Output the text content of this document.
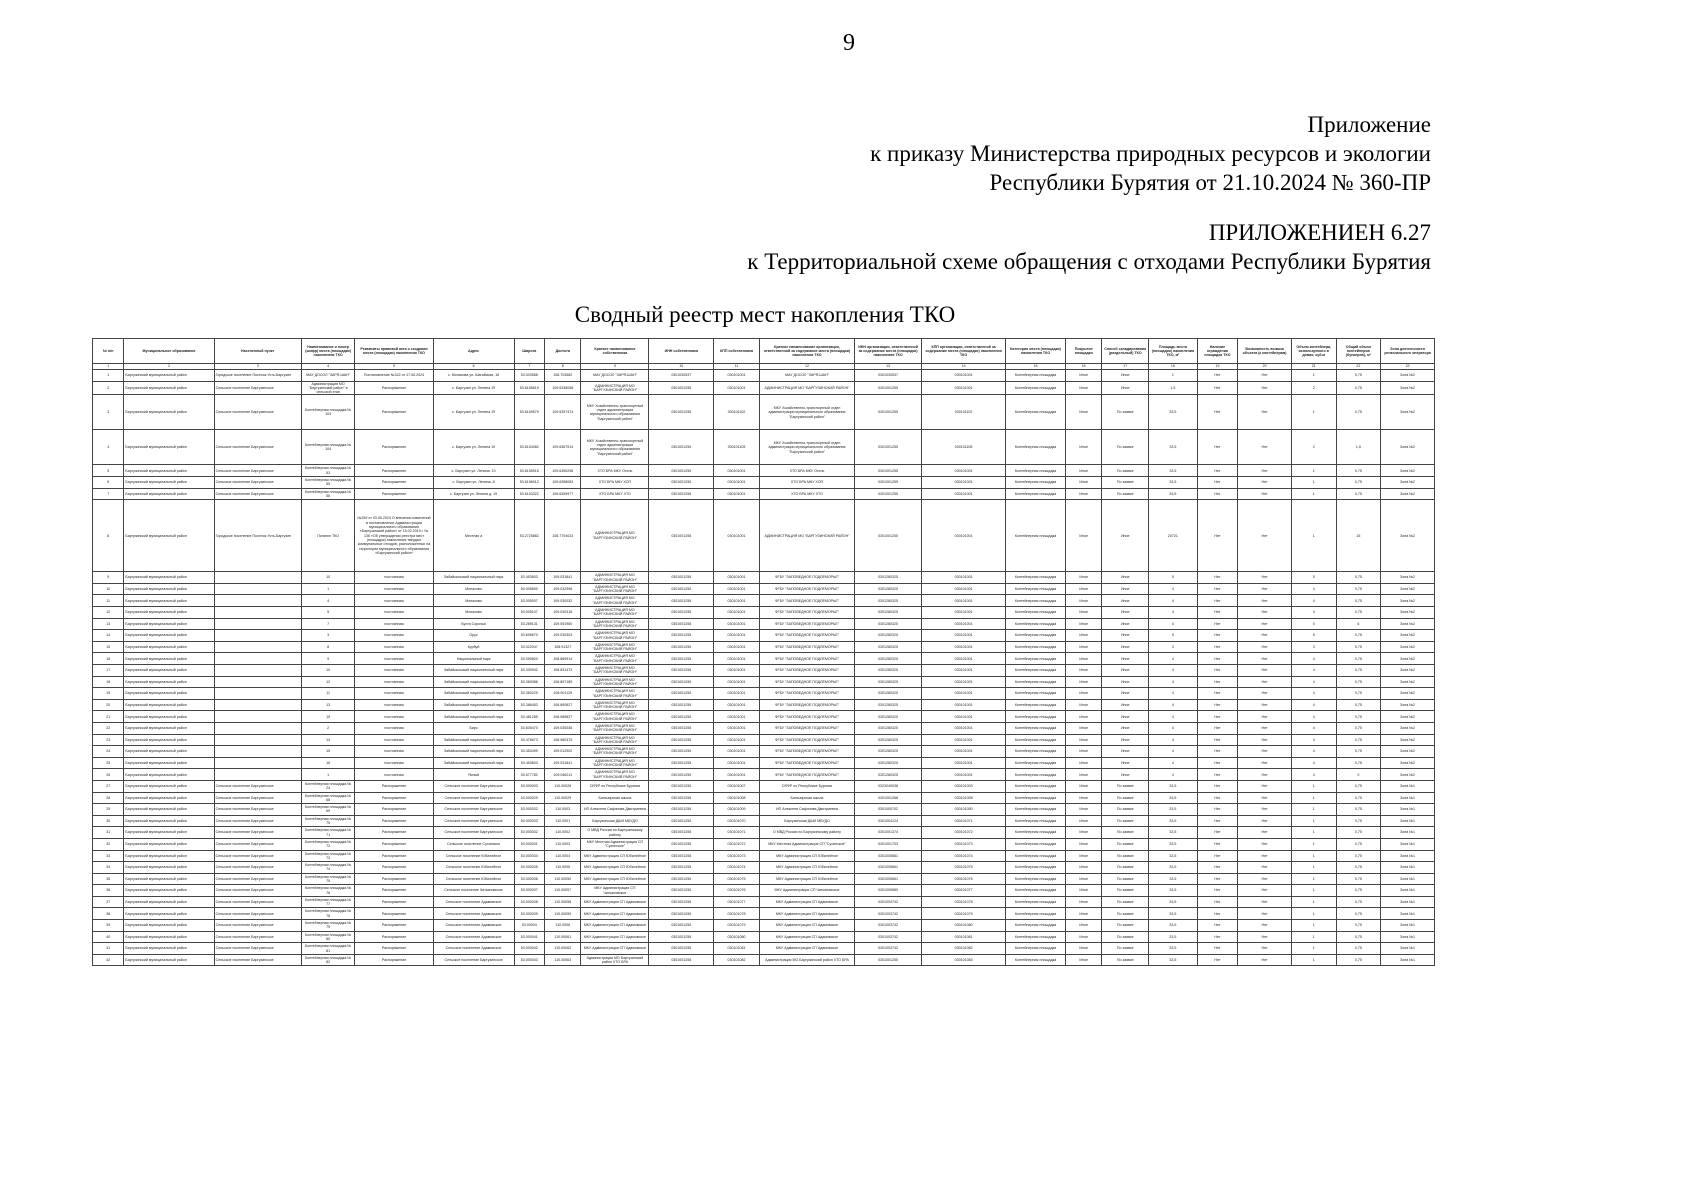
9
Приложение
к приказу Министерства природных ресурсов и экологии
Республики Бурятия от 21.10.2024 № 360-ПР
ПРИЛОЖЕНИЕН 6.27
к Территориальной схеме обращения с отходами Республики Бурятия
Сводный реестр мест накопления ТКО
№ п/п	Муниципальное образование	Населенный пункт	Наименование и номер (шифр) места (площадки) накопления ТКО	Реквизиты правовой акта о создании места (площадки) накопления ТКО	Адрес	Широта	Долгота	Краткое наименование собственника	ИНН собственника	КПП собственника	Краткое наименование организации, ответственной за содержание места (площадки) накопления ТКО	ИНН организации, ответственной за содержание места (площадки) накопления ТКО	КПП организации, ответственной за содержание места (площадки) накопления ТКО	Категория места (площадки) накопления ТКО	Покрытие площадки	Способ складирования (раздельный) ТКО	Площадь места (площадки) накопления ТКО, м²	Наличие ограждения площадки ТКО	Возможность вывоза объекта (к контейнерам)	Объем контейнера, используемого в домах, куб.м	Общий объем контейнеров (бункеров), м³	Зона деятельности регионального оператора
1	2	3	4	5	6	7	8	9	10	11	12	13	14	15	16	17	18	19	20	21	22	23
1	Баргузинский муниципальный район	Городское поселение Поселок Усть-Баргузин	МАУ ДОСОЛ "ЗАРЯ-ШАН"	Постановление №322 от 17.06.2024	с. Монахова ул. Шагайская, 16	53.003568	108.703562	МАУ ДОСОЛ "ЗАРЯ-ШАН"	0301030537	030101001	МАУ ДОСОЛ "ЗАРЯ-ШАН"	0301030537	030101001	Контейнерная площадка	Иное	Иное	1	Нет	Нет	1	0,75	Зона №2
2	Баргузинский муниципальный район	Сельское поселение Баргузинское	Администрация МО "Баргузинский район" в сельской этап	Распоряжение	с. Баргузин ул. Ленина 19	53.6155619	109.6338058	АДМИНИСТРАЦИЯ МО "БАРГУЗИНСКИЙ РАЙОН"	0301001255	030101001	АДМИНИСТРАЦИЯ МО "БАРГУЗИНСКИЙ РАЙОН"	0301001255	030101001	Контейнерная площадка	Иное	Иное	1,5	Нет	Нет	2	0,75	Зона №2
3	Баргузинский муниципальный район	Сельское поселение Баргузинское	Контейнерная площадка № 103	Распоряжение	с. Баргузин ул. Ленина 19	53.6159579	109.6397474	МКУ Хозяйственно-транспортный отдел администрации муниципального образования "Баргузинский район"	0301001255	030101102	МКУ Хозяйственно-транспортный отдел администрации муниципального образования "Баргузинский район"	0301001255	030101102	Контейнерная площадка	Иное	По заявке	33,5	Нет	Нет	1	0,75	Зона №2
4	Баргузинский муниципальный район	Сельское поселение Баргузинское	Контейнерная площадка № 104	Распоряжение	с. Баргузин ул. Ленина 19	53.6154082	109.6367514	МКУ Хозяйственно-транспортный отдел администрации муниципального образования "Баргузинский район"	0301001255	030101105	МКУ Хозяйственно-транспортный отдел администрации муниципального образования "Баргузинский район"	0301001255	030101105	Контейнерная площадка	Иное	По заявке	33,5	Нет	Нет	2	1,5	Зона №2
5	Баргузинский муниципальный район	Сельское поселение Баргузинское	Контейнерная площадка № 53	Распоряжение	с. Баргузин ул. Ленина, 10	53.6155916	109.6350298	ХТО БРА МКУ Отель	0301001255	030101001	ХТО БРА МКУ Отель	0301001255	030101001	Контейнерная площадка	Иное	По заявке	33,5	Нет	Нет	1	0,75	Зона №2
6	Баргузинский муниципальный район	Сельское поселение Баргузинское	Контейнерная площадка № 55	Распоряжение	с. Баргузин ул. Ленина, 8	53.6156012	109.6358083	ХТО БРА МКУ ХОП	0301001255	030101001	ХТО БРА МКУ ХОП	0301001255	030101001	Контейнерная площадка	Иное	По заявке	33,5	Нет	Нет	1	0,75	Зона №2
7	Баргузинский муниципальный район	Сельское поселение Баргузинское	Контейнерная площадка № 56	Распоряжение	с. Баргузин ул. Ленина д. 19	53.6153322	109.6359977	ХТО БРА МКУ ХТО	0301001255	030101001	ХТО БРА МКУ ХТО	0301001255	030101001	Контейнерная площадка	Иное	По заявке	33,5	Нет	Нет	1	0,75	Зона №2
8	Баргузинский муниципальный район	Городское поселение Поселок Усть-Баргузин	Полигон ТКО	№259 от 03.05.2024 О внесении изменений в постановление Администрации муниципального образования «Баргузинский район» от 15.02.2019 г. № 136 «Об утверждении реестра мест (площадок) накопления твердых коммунальных отходов, расположенных на территории муниципального образования «Баргузинский район»	Местная а	53.2725882	108.7704023	АДМИНИСТРАЦИЯ МО "БАРГУЗИНСКИЙ РАЙОН"	0301001255	030101001	АДМИНИСТРАЦИЯ МО "БАРГУЗИНСКИЙ РАЙОН"	0301001255	030101001	Контейнерная площадка	Иное	Иное	20721	Нет	Нет	1	15	Зона №2
9	Баргузинский муниципальный район		10	постоянная	Забайкальский национальный парк	53.453603	109.031841	АДМИНИСТРАЦИЯ МО "БАРГУЗИНСКИЙ РАЙОН"	0301001255	030101001	ФГБУ "ЗАПОВЕДНОЕ ПОДЛЕМОРЬЕ"	0301280325	030101001	Контейнерная площадка	Иное	Иное	5	Нет	Нет	5	0,75	Зона №2
10	Баргузинский муниципальный район		1	постоянная	Монахово	53.005600	109.032996	АДМИНИСТРАЦИЯ МО "БАРГУЗИНСКИЙ РАЙОН"	0301001255	030101001	ФГБУ "ЗАПОВЕДНОЕ ПОДЛЕМОРЬЕ"	0301280325	030101001	Контейнерная площадка	Иное	Иное	4	Нет	Нет	4	0,75	Зона №2
11	Баргузинский муниципальный район		4	постоянная	Монахово	53.005007	109.030032	АДМИНИСТРАЦИЯ МО "БАРГУЗИНСКИЙ РАЙОН"	0301001255	030101001	ФГБУ "ЗАПОВЕДНОЕ ПОДЛЕМОРЬЕ"	0301280325	030101001	Контейнерная площадка	Иное	Иное	4	Нет	Нет	4	0,75	Зона №2
12	Баргузинский муниципальный район		5	постоянная	Монахово	53.005107	109.030316	АДМИНИСТРАЦИЯ МО "БАРГУЗИНСКИЙ РАЙОН"	0301001255	030101001	ФГБУ "ЗАПОВЕДНОЕ ПОДЛЕМОРЬЕ"	0301280325	030101001	Контейнерная площадка	Иное	Иное	4	Нет	Нет	4	0,75	Зона №2
13	Баргузинский муниципальный район		7	постоянная	Бухта Сорочья	53.289131	109.051960	АДМИНИСТРАЦИЯ МО "БАРГУЗИНСКИЙ РАЙОН"	0301001255	030101001	ФГБУ "ЗАПОВЕДНОЕ ПОДЛЕМОРЬЕ"	0301280325	030101001	Контейнерная площадка	Иное	Иное	4	Нет	Нет	0	6	Зона №2
14	Баргузинский муниципальный район		3	постоянная	Орус	53.606670	109.030303	АДМИНИСТРАЦИЯ МО "БАРГУЗИНСКИЙ РАЙОН"	0301001255	030101001	ФГБУ "ЗАПОВЕДНОЕ ПОДЛЕМОРЬЕ"	0301280325	030101001	Контейнерная площадка	Иное	Иное	5	Нет	Нет	5	0,75	Зона №2
15	Баргузинский муниципальный район		8	постоянная	Курбуй	53.022047	108.91327	АДМИНИСТРАЦИЯ МО "БАРГУЗИНСКИЙ РАЙОН"	0301001255	030101001	ФГБУ "ЗАПОВЕДНОЕ ПОДЛЕМОРЬЕ"	0301280325	030101001	Контейнерная площадка	Иное	Иное	3	Нет	Нет	3	0,75	Зона №2
16	Баргузинский муниципальный район		9	постоянная	Национальный парк	53.090820	108.869914	АДМИНИСТРАЦИЯ МО "БАРГУЗИНСКИЙ РАЙОН"	0301001255	030101001	ФГБУ "ЗАПОВЕДНОЕ ПОДЛЕМОРЬЕ"	0301280325	030101001	Контейнерная площадка	Иное	Иное	4	Нет	Нет	4	0,75	Зона №2
17	Баргузинский муниципальный район		10	постоянная	Забайкальский национальный парк	53.330942	108.831473	АДМИНИСТРАЦИЯ МО "БАРГУЗИНСКИЙ РАЙОН"	0301001255	030101001	ФГБУ "ЗАПОВЕДНОЕ ПОДЛЕМОРЬЕ"	0301280325	030101001	Контейнерная площадка	Иное	Иное	4	Нет	Нет	4	0,75	Зона №2
18	Баргузинский муниципальный район		12	постоянная	Забайкальский национальный парк	53.383086	108.897185	АДМИНИСТРАЦИЯ МО "БАРГУЗИНСКИЙ РАЙОН"	0301001255	030101001	ФГБУ "ЗАПОВЕДНОЕ ПОДЛЕМОРЬЕ"	0301280325	030101001	Контейнерная площадка	Иное	Иное	4	Нет	Нет	4	0,75	Зона №2
19	Баргузинский муниципальный район		11	постоянная	Забайкальский национальный парк	53.383229	108.901129	АДМИНИСТРАЦИЯ МО "БАРГУЗИНСКИЙ РАЙОН"	0301001255	030101001	ФГБУ "ЗАПОВЕДНОЕ ПОДЛЕМОРЬЕ"	0301280325	030101001	Контейнерная площадка	Иное	Иное	4	Нет	Нет	4	0,75	Зона №2
20	Баргузинский муниципальный район		13	постоянная	Забайкальский национальный парк	53.386453	108.890827	АДМИНИСТРАЦИЯ МО "БАРГУЗИНСКИЙ РАЙОН"	0301001255	030101001	ФГБУ "ЗАПОВЕДНОЕ ПОДЛЕМОРЬЕ"	0301280325	030101001	Контейнерная площадка	Иное	Иное	4	Нет	Нет	4	0,75	Зона №2
21	Баргузинский муниципальный район		15	постоянная	Забайкальский национальный парк	53.481285	108.985837	АДМИНИСТРАЦИЯ МО "БАРГУЗИНСКИЙ РАЙОН"	0301001255	030101001	ФГБУ "ЗАПОВЕДНОЕ ПОДЛЕМОРЬЕ"	0301280325	030101001	Контейнерная площадка	Иное	Иное	4	Нет	Нет	4	0,75	Зона №2
22	Баргузинский муниципальный район		2	постоянная	Бирс	53.605470	109.030036	АДМИНИСТРАЦИЯ МО "БАРГУЗИНСКИЙ РАЙОН"	0301001255	030101001	ФГБУ "ЗАПОВЕДНОЕ ПОДЛЕМОРЬЕ"	0301280325	030101001	Контейнерная площадка	Иное	Иное	4	Нет	Нет	4	0,75	Зона №2
23	Баргузинский муниципальный район		14	постоянная	Забайкальский национальный парк	53.476673	108.980375	АДМИНИСТРАЦИЯ МО "БАРГУЗИНСКИЙ РАЙОН"	0301001255	030101001	ФГБУ "ЗАПОВЕДНОЕ ПОДЛЕМОРЬЕ"	0301280325	030101001	Контейнерная площадка	Иное	Иное	4	Нет	Нет	4	0,75	Зона №2
24	Баргузинский муниципальный район		15	постоянная	Забайкальский национальный парк	53.453499	109.012902	АДМИНИСТРАЦИЯ МО "БАРГУЗИНСКИЙ РАЙОН"	0301001255	030101001	ФГБУ "ЗАПОВЕДНОЕ ПОДЛЕМОРЬЕ"	0301280325	030101001	Контейнерная площадка	Иное	Иное	4	Нет	Нет	4	0,75	Зона №2
25	Баргузинский муниципальный район		16	постоянная	Забайкальский национальный парк	53.453603	109.031841	АДМИНИСТРАЦИЯ МО "БАРГУЗИНСКИЙ РАЙОН"	0301001255	030101001	ФГБУ "ЗАПОВЕДНОЕ ПОДЛЕМОРЬЕ"	0301280325	030101001	Контейнерная площадка	Иное	Иное	4	Нет	Нет	4	0,75	Зона №2
26	Баргузинский муниципальный район		1	постоянная	Ясный	53.577782	109.046211	АДМИНИСТРАЦИЯ МО "БАРГУЗИНСКИЙ РАЙОН"	0301001255	030101001	ФГБУ "ЗАПОВЕДНОЕ ПОДЛЕМОРЬЕ"	0301280325	030101001	Контейнерная площадка	Иное	Иное	4	Нет	Нет	4	0	Зона №2
27	Баргузинский муниципальный район	Сельское поселение Баргузинское	Контейнерная площадка № 24	Распоряжение	Сельское поселение Баргузинское	53.000003	110.00028	ОПФР по Республике Бурятия	0301001255	030101007	ОПФР по Республике Бурятия	0323049038	030101003	Контейнерная площадка	Иное	По заявке	33,5	Нет	Нет	1	0,75	Зона №1
28	Баргузинский муниципальный район	Сельское поселение Баргузинское	Контейнерная площадка № 68	Распоряжение	Сельское поселение Баргузинское	53.000029	110.00029	Бильчирская школа	0301001255	030101008	Бильчирская школа	0301001268	030101008	Контейнерная площадка	Иное	По заявке	33,5	Нет	Нет	1	0,75	Зона №1
29	Баргузинский муниципальный район	Сельское поселение Баргузинское	Контейнерная площадка № 69	Распоряжение	Сельское поселение Баргузинское	53.000032	110.0003	ИП Алексеев Сафонова Дмитриевна	0301001255	030101009	ИП Алексеев Сафонова Дмитриевна	0301000702	030101050	Контейнерная площадка	Иное	По заявке	33,5	Нет	Нет	1	0,75	Зона №1
30	Баргузинский муниципальный район	Сельское поселение Баргузинское	Контейнерная площадка № 70	Распоряжение	Сельское поселение Баргузинское	53.000033	110.0001	Баргузинская ДШИ МБУДО	0301001255	030101070	Баргузинская ДШИ МБУДО	0301004124	030101071	Контейнерная площадка	Иное	По заявке	33,5	Нет	Нет	1	0,75	Зона №1
31	Баргузинский муниципальный район	Сельское поселение Баргузинское	Контейнерная площадка № 71	Распоряжение	Сельское поселение Баргузинское	53.000032	110.0002	О МВД России по Баргузинскому району	0301001255	030101071	О МВД России по Баргузинскому району	0301001374	030101072	Контейнерная площадка	Иное	По заявке	33,5	Нет	Нет	1	0,75	Зона №1
32	Баргузинский муниципальный район	Сельское поселение Баргузинское	Контейнерная площадка № 72	Распоряжение	Сельское поселение Сухинское	53.000031	110.0003	МКУ Местная Администрация СП "Сухинское"	0301001255	030101072	МКУ Местная Администрация СП "Сухинское"	0301001703	030101073	Контейнерная площадка	Иное	По заявке	33,5	Нет	Нет	1	0,75	Зона №1
33	Баргузинский муниципальный район	Сельское поселение Баргузинское	Контейнерная площадка № 73	Распоряжение	Сельское поселение Юбилейное	53.000034	110.0004	МКУ Администрация СП Юбилейное	0301001255	030101073	МКУ Администрация СП Юбилейное	0301005661	030101074	Контейнерная площадка	Иное	По заявке	33,5	Нет	Нет	1	0,75	Зона №1
34	Баргузинский муниципальный район	Сельское поселение Баргузинское	Контейнерная площадка № 74	Распоряжение	Сельское поселение Юбилейное	53.000035	110.0005	МКУ Администрация СП Юбилейное	0301001255	030101074	МКУ Администрация СП Юбилейное	0301005661	030101075	Контейнерная площадка	Иное	По заявке	33,5	Нет	Нет	1	0,75	Зона №1
35	Баргузинский муниципальный район	Сельское поселение Баргузинское	Контейнерная площадка № 75	Распоряжение	Сельское поселение Юбилейное	53.000036	110.00050	МКУ Администрация СП Юбилейное	0301001255	030101075	МКУ Администрация СП Юбилейное	0301005661	030101076	Контейнерная площадка	Иное	По заявке	33,5	Нет	Нет	1	0,75	Зона №1
36	Баргузинский муниципальный район	Сельское поселение Баргузинское	Контейнерная площадка № 76	Распоряжение	Сельское поселение Читкановское	53.000037	110.00057	МКУ Администрация СП Читкановское	0301001255	030101076	МКУ Администрация СП Читкановское	0301005680	030101077	Контейнерная площадка	Иное	По заявке	33,5	Нет	Нет	1	0,75	Зона №1
37	Баргузинский муниципальный район	Сельское поселение Баргузинское	Контейнерная площадка № 77	Распоряжение	Сельское поселение Адамовское	53.000038	110.00058	МКУ Администрация СП Адамовское	0301001255	030101077	МКУ Администрация СП Адамовское	0301003742	030101078	Контейнерная площадка	Иное	По заявке	33,5	Нет	Нет	1	0,75	Зона №1
38	Баргузинский муниципальный район	Сельское поселение Баргузинское	Контейнерная площадка № 78	Распоряжение	Сельское поселение Адамовское	53.000039	110.00059	МКУ Администрация СП Адамовское	0301001255	030101078	МКУ Администрация СП Адамовское	0301003742	030101079	Контейнерная площадка	Иное	По заявке	33,5	Нет	Нет	1	0,75	Зона №1
39	Баргузинский муниципальный район	Сельское поселение Баргузинское	Контейнерная площадка № 79	Распоряжение	Сельское поселение Адамовское	53.00004	110.0006	МКУ Администрация СП Адамовское	0301001255	030101079	МКУ Администрация СП Адамовское	0301003742	030101080	Контейнерная площадка	Иное	По заявке	33,5	Нет	Нет	1	0,75	Зона №1
40	Баргузинский муниципальный район	Сельское поселение Баргузинское	Контейнерная площадка № 80	Распоряжение	Сельское поселение Адамовское	53.000041	110.00061	МКУ Администрация СП Адамовское	0301001255	030101080	МКУ Администрация СП Адамовское	0301003742	030101081	Контейнерная площадка	Иное	По заявке	33,5	Нет	Нет	1	0,75	Зона №1
41	Баргузинский муниципальный район	Сельское поселение Баргузинское	Контейнерная площадка № 81	Распоряжение	Сельское поселение Адамовское	53.000042	110.00062	МКУ Администрация СП Адамовское	0301001255	030101081	МКУ Администрация СП Адамовское	0301003742	030101082	Контейнерная площадка	Иное	По заявке	33,5	Нет	Нет	1	0,75	Зона №1
42	Баргузинский муниципальный район	Сельское поселение Баргузинское	Контейнерная площадка № 82	Распоряжение	Сельское поселение Баргузинское	53.000043	110.00063	Администрация МО Баргузинский район ХТО БРА	0301001255	030101082	Администрация МО Баргузинский район ХТО БРА	0301001255	030101083	Контейнерная площадка	Иное	По заявке	33,5	Нет	Нет	1	0,75	Зона №1
